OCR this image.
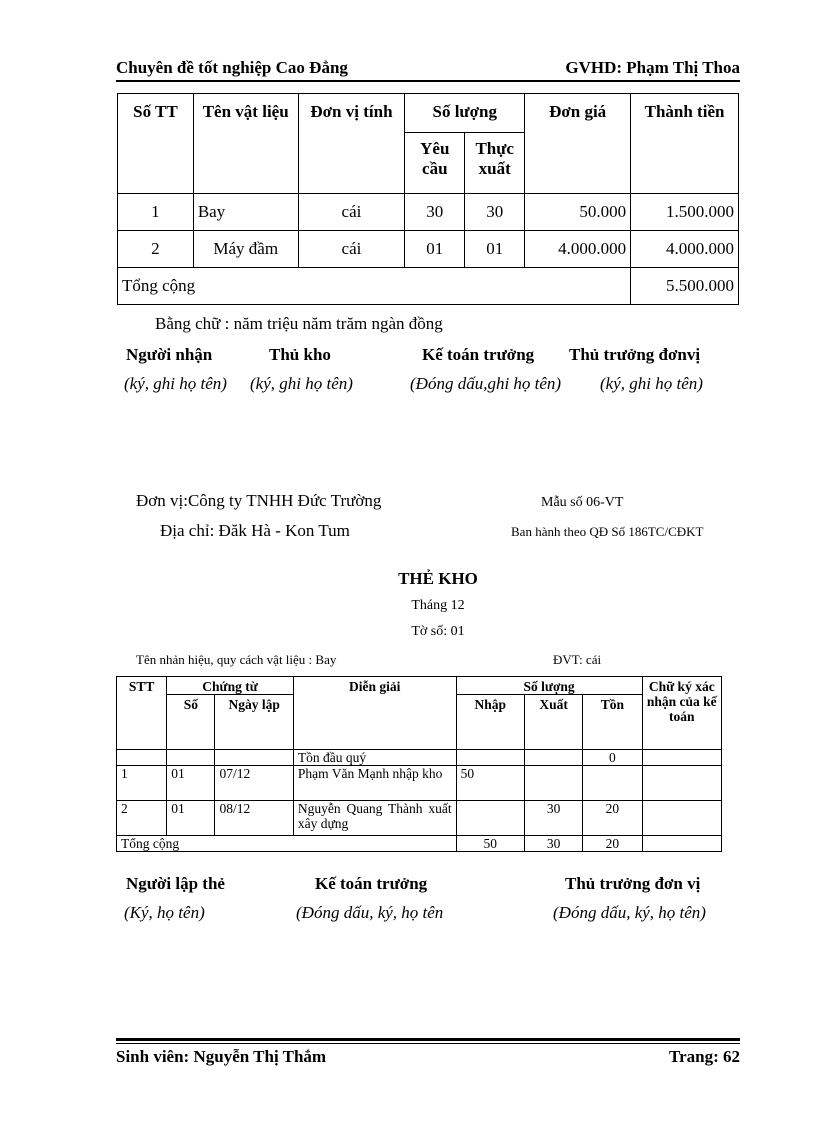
Chuyên đề tốt nghiệp Cao Đẳng	GVHD: Phạm Thị Thoa
Số TT	Tên vật liệu	Đơn vị tính	Số lượng		Đơn giá	Thành tiền
			Yêu cầu	Thực xuất		
1	Bay	cái	30	30	50.000	1.500.000
2	Máy đầm	cái	01	01	4.000.000	4.000.000
Tổng cộng						5.500.000
Bằng chữ : năm triệu năm trăm ngàn đồng
Người nhận	Thủ kho	Kế toán trưởng Thủ trưởng đơnvị
(ký, ghi họ tên) (ký, ghi họ tên)	(Đóng dấu,ghi họ tên) (ký, ghi họ tên)
Đơn vị:Công ty TNHH Đức Trường
Địa chỉ: Đăk Hà - Kon Tum
Mẫu số 06-VT
Ban hành theo QĐ Số 186TC/CĐKT
THẺ KHO
Tháng 12
Tờ số: 01
Tên nhản hiệu, quy cách vật liệu : Bay	ĐVT: cái
STT	Chứng từ		Diễn giải	Số lượng			Chữ ký xác nhận của kế toán
	Số	Ngày lập		Nhập	Xuất	Tồn	
			Tồn đầu quý			0	
1	01	07/12	Phạm Văn Mạnh nhập kho	50			
2	01	08/12	Nguyễn Quang Thành xuất xây dựng		30	20	
Tổng cộng				50	30	20	
Người lập thẻ	Kế toán trưởng	Thủ trưởng đơn vị
(Ký, họ tên)	(Đóng dấu, ký, họ tên	(Đóng dấu, ký, họ tên)
Sinh viên: Nguyễn Thị Thắm	Trang: 62
